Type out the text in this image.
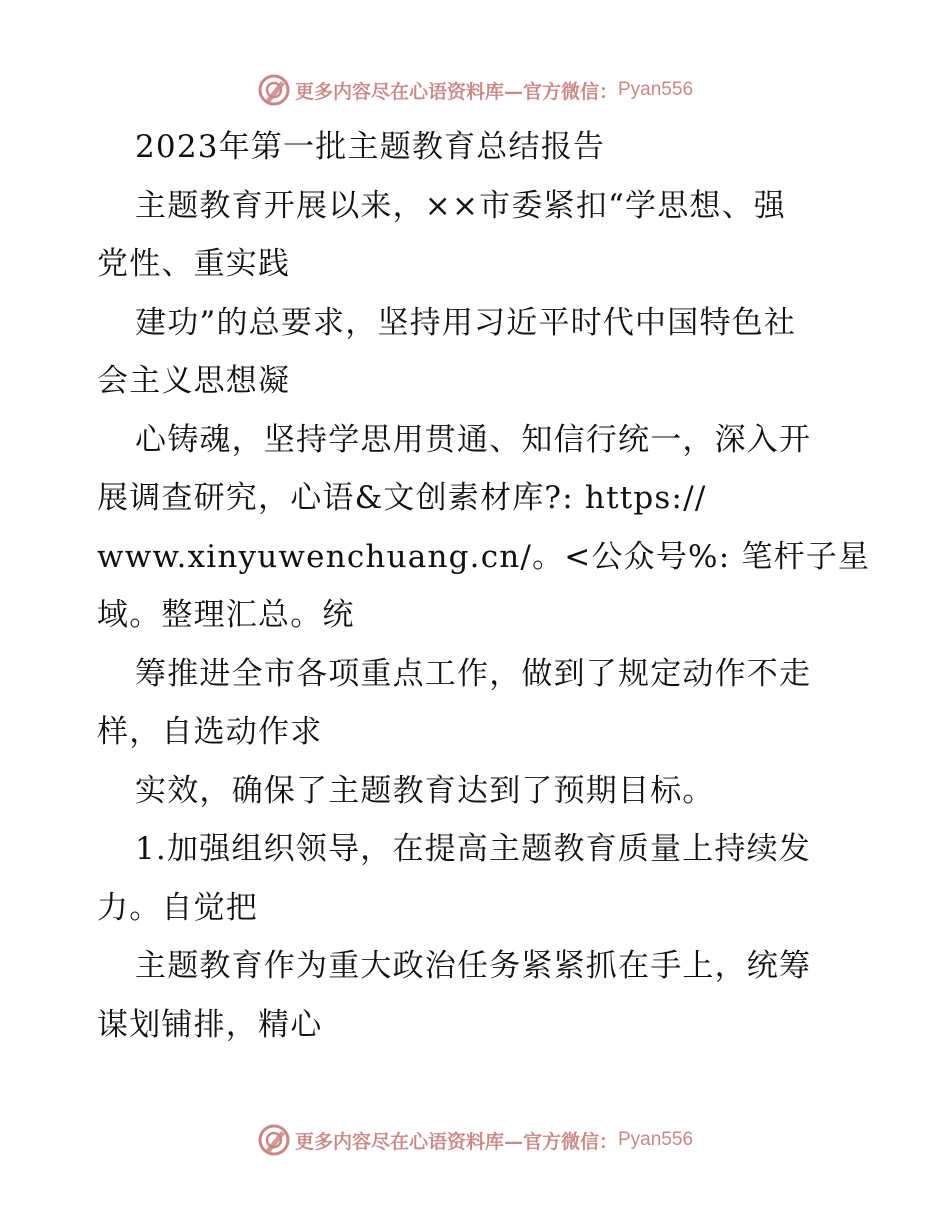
更多内容尽在心语资料库—官方微信： Pyan556
2023年第一批主题教育总结报告
主题教育开展以来，××市委紧扣“学思想、强
党性、重实践
建功”的总要求，坚持用习近平时代中国特色社
会主义思想凝
心铸魂，坚持学思用贯通、知信行统一，深入开
展调查研究，心语&文创素材库?: https://
www.xinyuwenchuang.cn/。<公众号%: 笔杆子星
域。整理汇总。统
筹推进全市各项重点工作，做到了规定动作不走
样，自选动作求
实效，确保了主题教育达到了预期目标。
1.加强组织领导，在提高主题教育质量上持续发
力。自觉把
主题教育作为重大政治任务紧紧抓在手上，统筹
谋划铺排，精心
更多内容尽在心语资料库—官方微信： Pyan556
